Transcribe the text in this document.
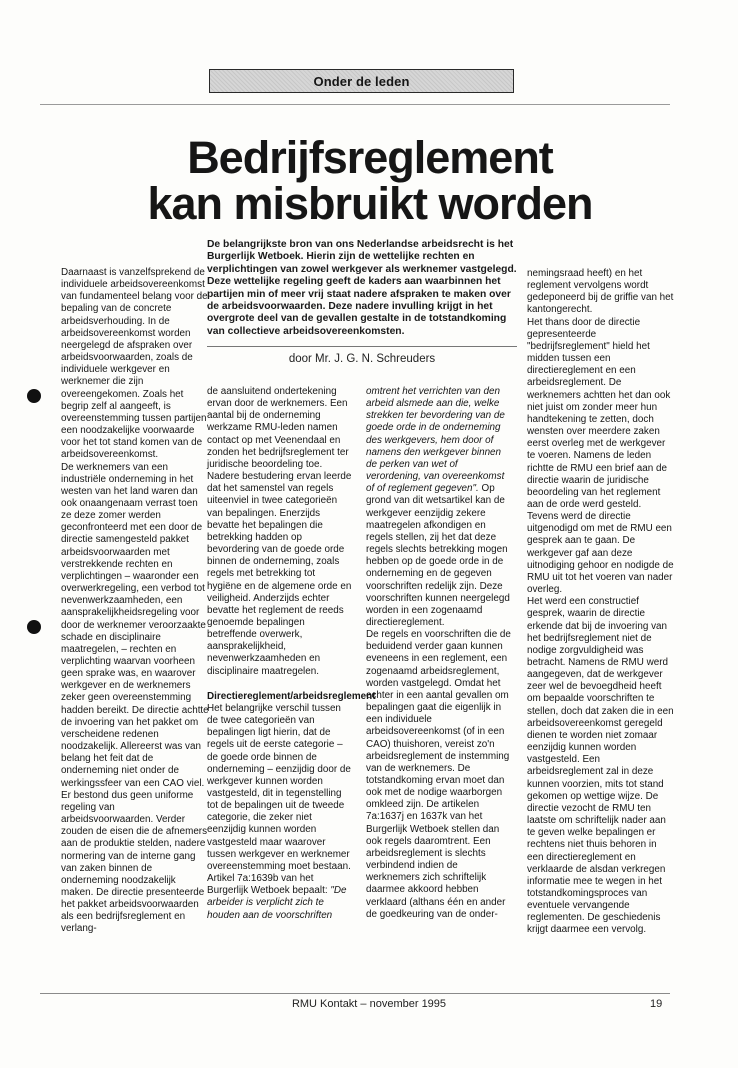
Onder de leden
Bedrijfsreglement
kan misbruikt worden

De belangrijkste bron van ons Nederlandse arbeidsrecht is het Burgerlijk Wetboek. Hierin zijn de wettelijke rechten en verplichtingen van zowel werkgever als werknemer vastgelegd. Deze wettelijke regeling geeft de kaders aan waarbinnen het partijen min of meer vrij staat nadere afspraken te maken over de arbeidsvoorwaarden. Deze nadere invulling krijgt in het overgrote deel van de gevallen gestalte in de totstandkoming van collectieve arbeidsovereenkomsten.

door Mr. J. G. N. Schreuders

Daarnaast is vanzelfsprekend de individuele arbeidsovereenkomst van fundamenteel belang voor de bepaling van de concrete arbeidsverhouding. In de arbeidsovereenkomst worden neergelegd de afspraken over arbeidsvoorwaarden, zoals de individuele werkgever en werknemer die zijn overeengekomen. Zoals het begrip zelf al aangeeft, is overeenstemming tussen partijen een noodzakelijke voorwaarde voor het tot stand komen van de arbeidsovereenkomst.
De werknemers van een industriële onderneming in het westen van het land waren dan ook onaangenaam verrast toen ze deze zomer werden geconfronteerd met een door de directie samengesteld pakket arbeidsvoorwaarden met verstrekkende rechten en verplichtingen – waaronder een overwerkregeling, een verbod tot nevenwerkzaamheden, een aansprakelijkheidsregeling voor door de werknemer veroorzaakte schade en disciplinaire maatregelen, – rechten en verplichting waarvan voorheen geen sprake was, en waarover werkgever en de werknemers zeker geen overeenstemming hadden bereikt. De directie achtte de invoering van het pakket om verscheidene redenen noodzakelijk. Allereerst was van belang het feit dat de onderneming niet onder de werkingssfeer van een CAO viel. Er bestond dus geen uniforme regeling van arbeidsvoorwaarden. Verder zouden de eisen die de afnemers aan de produktie stelden, nadere normering van de interne gang van zaken binnen de onderneming noodzakelijk maken. De directie presenteerde het pakket arbeidsvoorwaarden als een bedrijfsreglement en verlang-

de aansluitend ondertekening ervan door de werknemers. Een aantal bij de onderneming werkzame RMU-leden namen contact op met Veenendaal en zonden het bedrijfsreglement ter juridische beoordeling toe. Nadere bestudering ervan leerde dat het samenstel van regels uiteenviel in twee categorieën van bepalingen. Enerzijds bevatte het bepalingen die betrekking hadden op bevordering van de goede orde binnen de onderneming, zoals regels met betrekking tot hygiëne en de algemene orde en veiligheid. Anderzijds echter bevatte het reglement de reeds genoemde bepalingen betreffende overwerk, aansprakelijkheid, nevenwerkzaamheden en disciplinaire maatregelen.

Directiereglement/arbeidsreglement

Het belangrijke verschil tussen de twee categorieën van bepalingen ligt hierin, dat de regels uit de eerste categorie – de goede orde binnen de onderneming – eenzijdig door de werkgever kunnen worden vastgesteld, dit in tegenstelling tot de bepalingen uit de tweede categorie, die zeker niet eenzijdig kunnen worden vastgesteld maar waarover tussen werkgever en werknemer overeenstemming moet bestaan.
Artikel 7a:1639b van het Burgerlijk Wetboek bepaalt: "De arbeider is verplicht zich te houden aan de voorschriften

omtrent het verrichten van den arbeid alsmede aan die, welke strekken ter bevordering van de goede orde in de onderneming des werkgevers, hem door of namens den werkgever binnen de perken van wet of verordening, van overeenkomst of of reglement gegeven". Op grond van dit wetsartikel kan de werkgever eenzijdig zekere maatregelen afkondigen en regels stellen, zij het dat deze regels slechts betrekking mogen hebben op de goede orde in de onderneming en de gegeven voorschriften redelijk zijn. Deze voorschriften kunnen neergelegd worden in een zogenaamd directiereglement.
De regels en voorschriften die de beduidend verder gaan kunnen eveneens in een reglement, een zogenaamd arbeidsreglement, worden vastgelegd. Omdat het echter in een aantal gevallen om bepalingen gaat die eigenlijk in een individuele arbeidsovereenkomst (of in een CAO) thuishoren, vereist zo'n arbeidsreglement de instemming van de werknemers. De totstandkoming ervan moet dan ook met de nodige waarborgen omkleed zijn. De artikelen 7a:1637j en 1637k van het Burgerlijk Wetboek stellen dan ook regels daaromtrent. Een arbeidsreglement is slechts verbindend indien de werknemers zich schriftelijk daarmee akkoord hebben verklaard (althans één en ander de goedkeuring van de onder-

nemingsraad heeft) en het reglement vervolgens wordt gedeponeerd bij de griffie van het kantongerecht.
Het thans door de directie gepresenteerde "bedrijfsreglement" hield het midden tussen een directiereglement en een arbeidsreglement. De werknemers achtten het dan ook niet juist om zonder meer hun handtekening te zetten, doch wensten over meerdere zaken eerst overleg met de werkgever te voeren. Namens de leden richtte de RMU een brief aan de directie waarin de juridische beoordeling van het reglement aan de orde werd gesteld. Tevens werd de directie uitgenodigd om met de RMU een gesprek aan te gaan. De werkgever gaf aan deze uitnodiging gehoor en nodigde de RMU uit tot het voeren van nader overleg.
Het werd een constructief gesprek, waarin de directie erkende dat bij de invoering van het bedrijfsreglement niet de nodige zorgvuldigheid was betracht. Namens de RMU werd aangegeven, dat de werkgever zeer wel de bevoegdheid heeft om bepaalde voorschriften te stellen, doch dat zaken die in een arbeidsovereenkomst geregeld dienen te worden niet zomaar eenzijdig kunnen worden vastgesteld. Een arbeidsreglement zal in deze kunnen voorzien, mits tot stand gekomen op wettige wijze. De directie vezocht de RMU ten laatste om schriftelijk nader aan te geven welke bepalingen er rechtens niet thuis behoren in een directiereglement en verklaarde de alsdan verkregen informatie mee te wegen in het totstandkomingsproces van eventuele vervangende reglementen. De geschiedenis krijgt daarmee een vervolg.

RMU Kontakt – november 1995	19
